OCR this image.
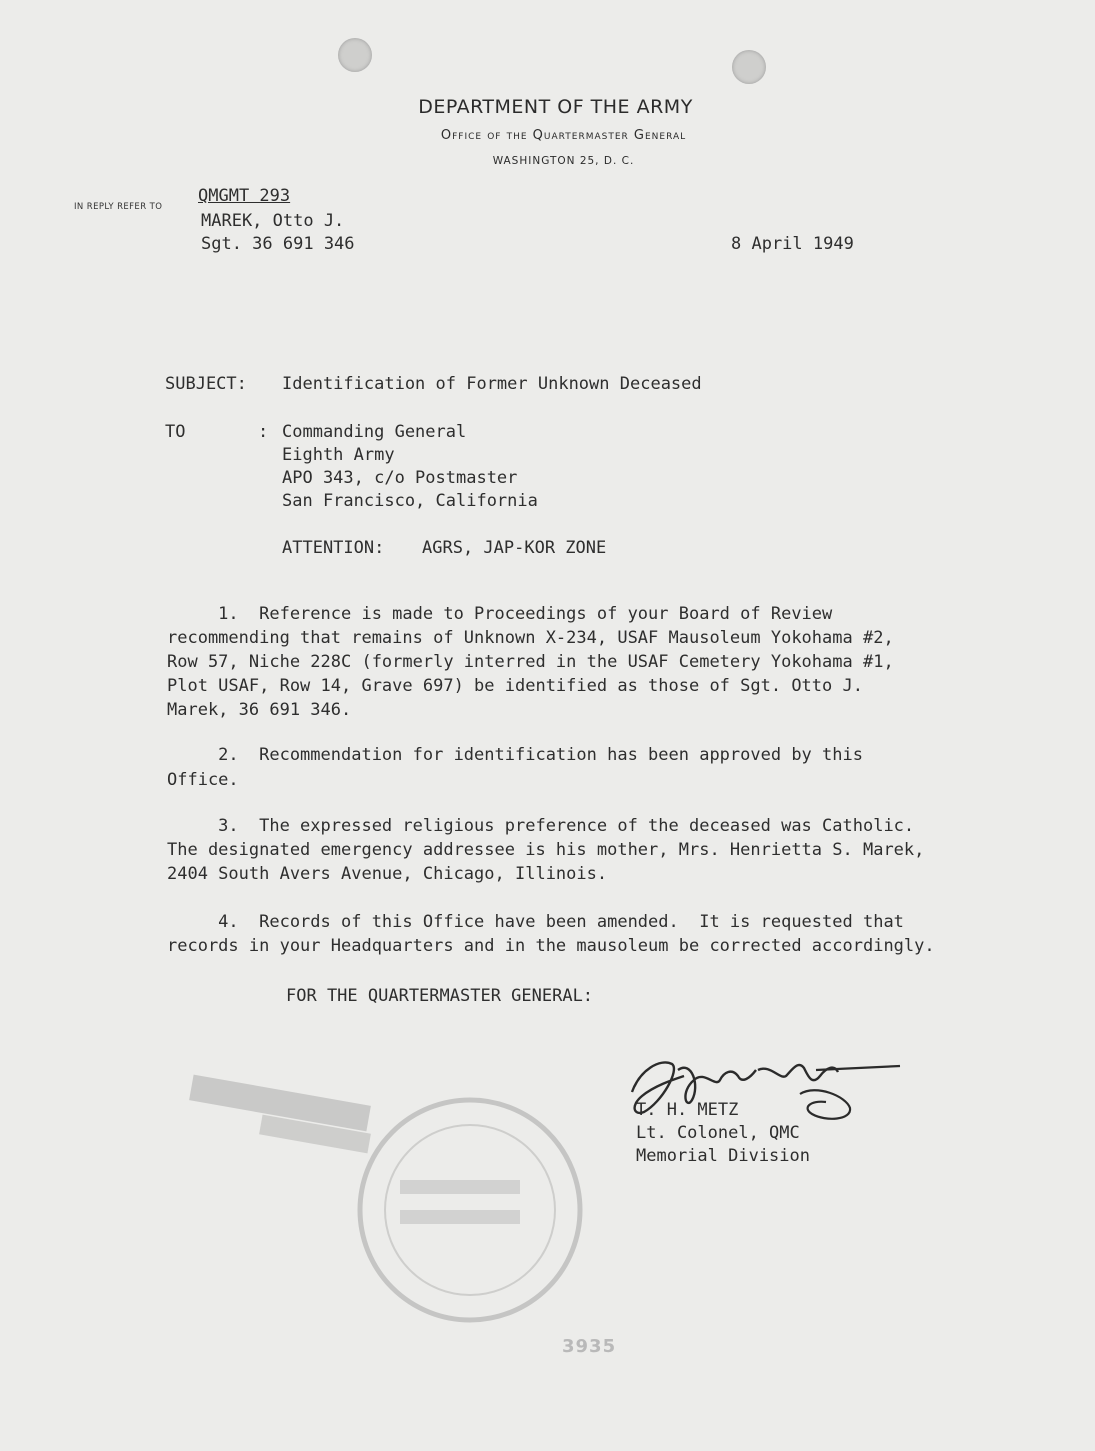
DEPARTMENT OF THE ARMY
Office of the Quartermaster General
WASHINGTON 25, D. C.
IN REPLY REFER TO
QMGMT 293
MAREK, Otto J.
Sgt. 36 691 346	8 April 1949
SUBJECT: Identification of Former Unknown Deceased
TO	: Commanding General
Eighth Army
APO 343, c/o Postmaster
San Francisco, California
ATTENTION: AGRS, JAP-KOR ZONE
1.  Reference is made to Proceedings of your Board of Review
recommending that remains of Unknown X-234, USAF Mausoleum Yokohama #2,
Row 57, Niche 228C (formerly interred in the USAF Cemetery Yokohama #1,
Plot USAF, Row 14, Grave 697) be identified as those of Sgt. Otto J.
Marek, 36 691 346.
2.  Recommendation for identification has been approved by this
Office.
3.  The expressed religious preference of the deceased was Catholic.
The designated emergency addressee is his mother, Mrs. Henrietta S. Marek,
2404 South Avers Avenue, Chicago, Illinois.
4.  Records of this Office have been amended.  It is requested that
records in your Headquarters and in the mausoleum be corrected accordingly.
FOR THE QUARTERMASTER GENERAL:
T. H. METZ
Lt. Colonel, QMC
Memorial Division
3935
